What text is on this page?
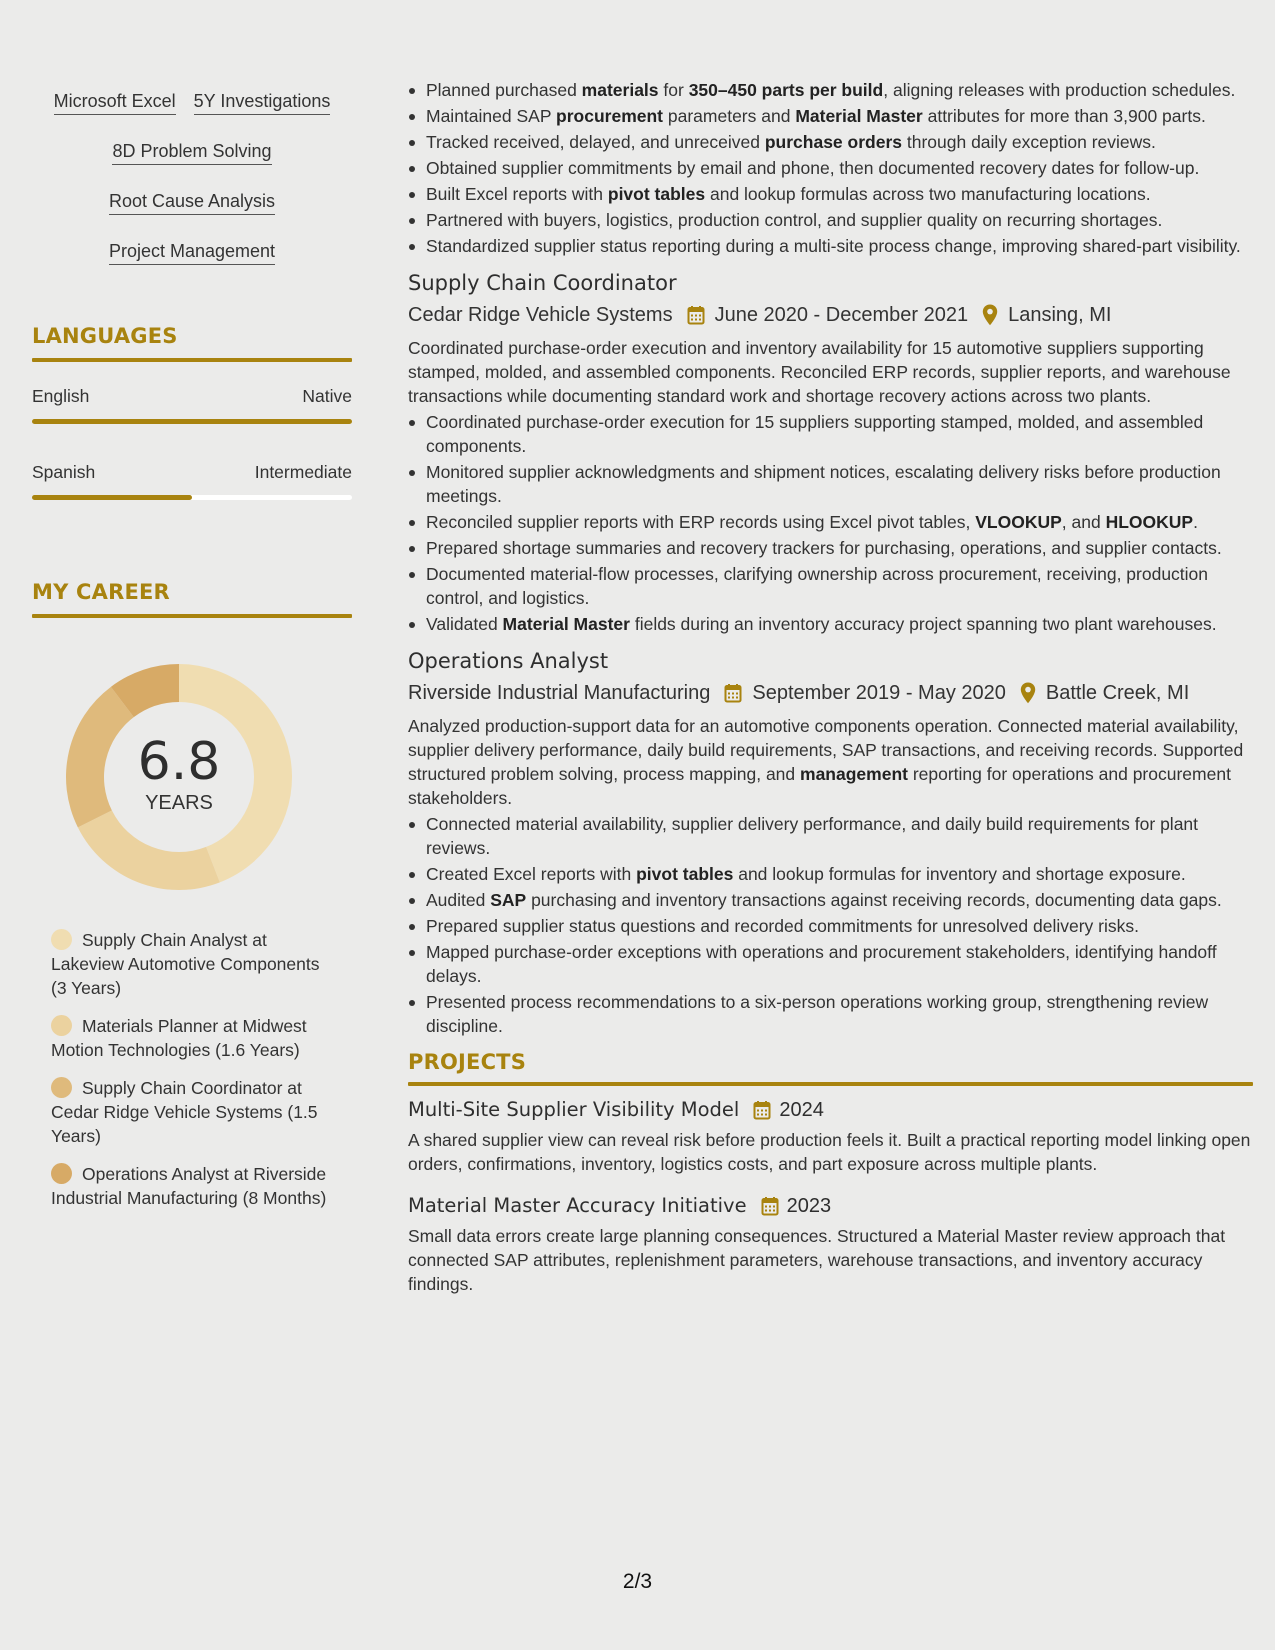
Microsoft Excel 5Y Investigations
8D Problem Solving
Root Cause Analysis
Project Management
LANGUAGES
English	Native
Spanish	Intermediate
MY CAREER
6.8
YEARS
Supply Chain Analyst at Lakeview Automotive Components (3 Years)
Materials Planner at Midwest Motion Technologies (1.6 Years)
Supply Chain Coordinator at Cedar Ridge Vehicle Systems (1.5 Years)
Operations Analyst at Riverside Industrial Manufacturing (8 Months)
Planned purchased materials for 350–450 parts per build, aligning releases with production schedules.
Maintained SAP procurement parameters and Material Master attributes for more than 3,900 parts.
Tracked received, delayed, and unreceived purchase orders through daily exception reviews.
Obtained supplier commitments by email and phone, then documented recovery dates for follow-up.
Built Excel reports with pivot tables and lookup formulas across two manufacturing locations.
Partnered with buyers, logistics, production control, and supplier quality on recurring shortages.
Standardized supplier status reporting during a multi-site process change, improving shared-part visibility.
Supply Chain Coordinator
Cedar Ridge Vehicle Systems June 2020 - December 2021 Lansing, MI
Coordinated purchase-order execution and inventory availability for 15 automotive suppliers supporting stamped, molded, and assembled components. Reconciled ERP records, supplier reports, and warehouse transactions while documenting standard work and shortage recovery actions across two plants.
Coordinated purchase-order execution for 15 suppliers supporting stamped, molded, and assembled components.
Monitored supplier acknowledgments and shipment notices, escalating delivery risks before production meetings.
Reconciled supplier reports with ERP records using Excel pivot tables, VLOOKUP, and HLOOKUP.
Prepared shortage summaries and recovery trackers for purchasing, operations, and supplier contacts.
Documented material-flow processes, clarifying ownership across procurement, receiving, production control, and logistics.
Validated Material Master fields during an inventory accuracy project spanning two plant warehouses.
Operations Analyst
Riverside Industrial Manufacturing September 2019 - May 2020 Battle Creek, MI
Analyzed production-support data for an automotive components operation. Connected material availability, supplier delivery performance, daily build requirements, SAP transactions, and receiving records. Supported structured problem solving, process mapping, and management reporting for operations and procurement stakeholders.
Connected material availability, supplier delivery performance, and daily build requirements for plant reviews.
Created Excel reports with pivot tables and lookup formulas for inventory and shortage exposure.
Audited SAP purchasing and inventory transactions against receiving records, documenting data gaps.
Prepared supplier status questions and recorded commitments for unresolved delivery risks.
Mapped purchase-order exceptions with operations and procurement stakeholders, identifying handoff delays.
Presented process recommendations to a six-person operations working group, strengthening review discipline.
PROJECTS
Multi-Site Supplier Visibility Model 2024
A shared supplier view can reveal risk before production feels it. Built a practical reporting model linking open orders, confirmations, inventory, logistics costs, and part exposure across multiple plants.
Material Master Accuracy Initiative 2023
Small data errors create large planning consequences. Structured a Material Master review approach that connected SAP attributes, replenishment parameters, warehouse transactions, and inventory accuracy findings.
2/3
